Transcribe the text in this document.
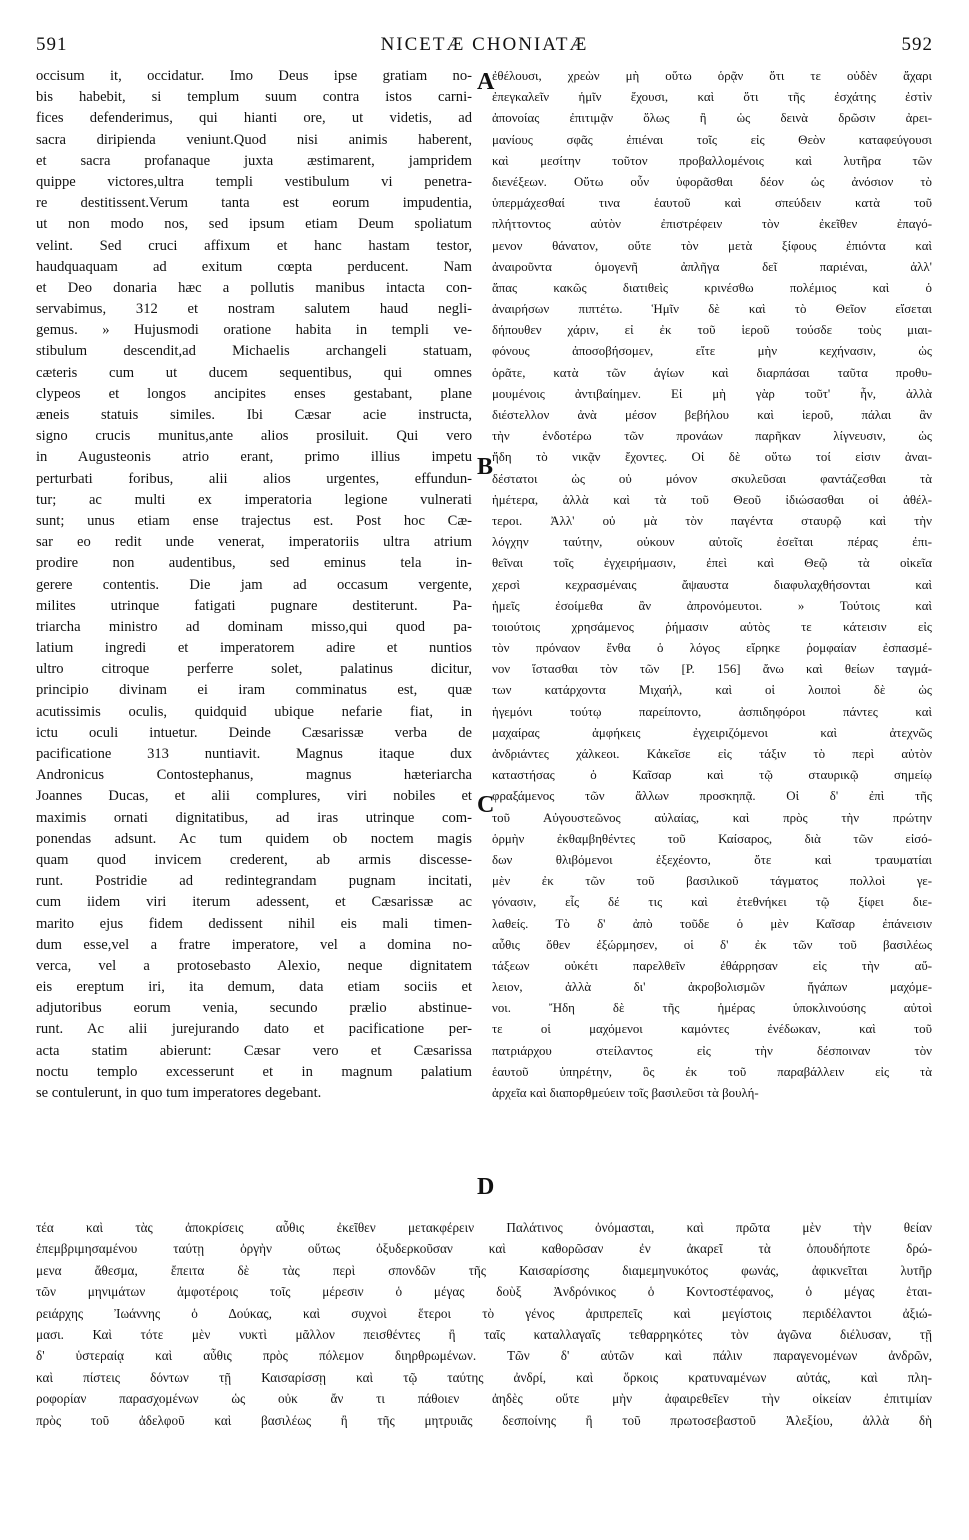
591	NICETÆ CHONIATÆ	592
occisum it, occidatur. Imo Deus ipse gratiam no-
bis habebit, si templum suum contra istos carni-
fices defenderimus, qui hianti ore, ut videtis, ad
sacra diripienda veniunt.Quod nisi animis haberent,
et sacra profanaque juxta æstimarent, jampridem
quippe victores,ultra templi vestibulum vi penetra-
re destitissent.Verum tanta est eorum impudentia,
ut non modo nos, sed ipsum etiam Deum spoliatum
velint. Sed cruci affixum et hanc hastam testor,
haudquaquam ad exitum cœpta perducent. Nam
et Deo donaria hæc a pollutis manibus intacta con-
servabimus, 312 et nostram salutem haud negli-
gemus. » Hujusmodi oratione habita in templi ve-
stibulum descendit,ad Michaelis archangeli statuam,
cæteris cum ut ducem sequentibus, qui omnes
clypeos et longos ancipites enses gestabant, plane
æneis statuis similes. Ibi Cæsar acie instructa,
signo crucis munitus,ante alios prosiluit. Qui vero
in Augusteonis atrio erant, primo illius impetu
perturbati foribus, alii alios urgentes, effundun-
tur; ac multi ex imperatoria legione vulnerati
sunt; unus etiam ense trajectus est. Post hoc Cæ-
sar eo redit unde venerat, imperatoriis ultra atrium
prodire non audentibus, sed eminus tela in-
gerere contentis. Die jam ad occasum vergente,
milites utrinque fatigati pugnare destiterunt. Pa-
triarcha ministro ad dominam misso,qui quod pa-
latium ingredi et imperatorem adire et nuntios
ultro citroque perferre solet, palatinus dicitur,
principio divinam ei iram comminatus est, quæ
acutissimis oculis, quidquid ubique nefarie fiat, in
ictu oculi intuetur. Deinde Cæsarissæ verba de
pacificatione 313 nuntiavit. Magnus itaque dux
Andronicus Contostephanus, magnus hæteriarcha
Joannes Ducas, et alii complures, viri nobiles et
maximis ornati dignitatibus, ad iras utrinque com-
ponendas adsunt. Ac tum quidem ob noctem magis
quam quod invicem crederent, ab armis discesse-
runt. Postridie ad redintegrandam pugnam incitati,
cum iidem viri iterum adessent, et Cæsarissæ ac
marito ejus fidem dedissent nihil eis mali timen-
dum esse,vel a fratre imperatore, vel a domina no-
verca, vel a protosebasto Alexio, neque dignitatem
eis ereptum iri, ita demum, data etiam sociis et
adjutoribus eorum venia, secundo prælio abstinue-
runt. Ac alii jurejurando dato et pacificatione per-
acta statim abierunt: Cæsar vero et Cæsarissa
noctu templo excesserunt et in magnum palatium
se contulerunt, in quo tum imperatores degebant.
ἐθέλουσι, χρεὼν μὴ οὕτω ὁρᾷν ὅτι τε οὐδὲν ἄχαρι
ἐπεγκαλεῖν ἡμῖν ἔχουσι, καὶ ὅτι τῆς ἐσχάτης ἐστὶν
ἀπονοίας ἐπιτιμᾷν ὅλως ἢ ὡς δεινὰ δρῶσιν ἀρει-
μανίους σφᾶς ἐπιέναι τοῖς εἰς Θεὸν καταφεύγουσι
καὶ μεσίτην τοῦτον προβαλλομένοις καὶ λυτῆρα τῶν
διενέξεων. Οὕτω οὖν ὑφορᾶσθαι δέον ὡς ἀνόσιον τὸ
ὑπερμάχεσθαί τινα ἑαυτοῦ καὶ σπεύδειν κατὰ τοῦ
πλήττοντος αὐτὸν ἐπιστρέφειν τὸν ἐκεῖθεν ἐπαγό-
μενον θάνατον, οὔτε τὸν μετὰ ξίφους ἐπιόντα καὶ
ἀναιροῦντα ὁμογενῆ ἀπλῆγα δεῖ παριέναι, ἀλλ'
ἅπας κακῶς διατιθεὶς κρινέσθω πολέμιος καὶ ὁ
ἀναιρήσων πιπτέτω. Ἡμῖν δὲ καὶ τὸ Θεῖον εἴσεται
δήπουθεν χάριν, εἰ ἐκ τοῦ ἱεροῦ τούσδε τοὺς μιαι-
φόνους ἀποσοβήσομεν, εἴτε μὴν κεχήνασιν, ὡς
ὁρᾶτε, κατὰ τῶν ἁγίων καὶ διαρπάσαι ταῦτα προθυ-
μουμένοις ἀντιβαίημεν. Εἰ μὴ γὰρ τοῦτ' ἦν, ἀλλὰ
διέστελλον ἀνὰ μέσον βεβήλου καὶ ἱεροῦ, πάλαι ἂν
τὴν ἐνδοτέρω τῶν προνάων παρῆκαν λίγνευσιν, ὡς
ἤδη τὸ νικᾷν ἔχοντες. Οἱ δὲ οὕτω τοί εἰσιν ἀναι-
δέστατοι ὡς οὐ μόνον σκυλεῦσαι φαντάζεσθαι τὰ
ἡμέτερα, ἀλλὰ καὶ τὰ τοῦ Θεοῦ ἰδιώσασθαι οἱ ἀθέλ-
τεροι. Ἀλλ' οὐ μὰ τὸν παγέντα σταυρῷ καὶ τὴν
λόγχην ταύτην, οὐκουν αὐτοῖς ἐσεῖται πέρας ἐπι-
θεῖναι τοῖς ἐγχειρήμασιν, ἐπεὶ καὶ Θεῷ τὰ οἰκεῖα
χερσὶ κεχρασμέναις ἄψαυστα διαφυλαχθήσονται καὶ
ἡμεῖς ἐσοίμεθα ἂν ἀπρονόμευτοι. » Τούτοις καὶ
τοιούτοις χρησάμενος ῥήμασιν αὐτὸς τε κάτεισιν εἰς
τὸν πρόναον ἔνθα ὁ λόγος εἴρηκε ῥομφαίαν ἐσπασμέ-
νον ἵστασθαι τὸν τῶν [P. 156] ἄνω καὶ θείων ταγμά-
των κατάρχοντα Μιχαήλ, καὶ οἱ λοιποὶ δὲ ὡς
ἡγεμόνι τούτῳ παρείποντο, ἀσπιδηφόροι πάντες καὶ
μαχαίρας ἀμφήκεις ἐγχειριζόμενοι καὶ ἀτεχνῶς
ἀνδριάντες χάλκεοι. Κἀκεῖσε εἰς τάξιν τὸ περὶ αὐτὸν
καταστήσας ὁ Καῖσαρ καὶ τῷ σταυρικῷ σημείῳ
φραξάμενος τῶν ἄλλων προσκηπᾷ. Οἱ δ' ἐπὶ τῆς
τοῦ Αὐγουστεῶνος αὐλαίας, καὶ πρὸς τὴν πρώτην
ὁρμὴν ἐκθαμβηθέντες τοῦ Καίσαρος, διὰ τῶν εἰσό-
δων θλιβόμενοι ἐξεχέοντο, ὅτε καὶ τραυματίαι
μὲν ἐκ τῶν τοῦ βασιλικοῦ τάγματος πολλοὶ γε-
γόνασιν, εἷς δέ τις καὶ ἐτεθνήκει τῷ ξίφει διε-
λαθείς. Τὸ δ' ἀπὸ τοῦδε ὁ μὲν Καῖσαρ ἐπάνεισιν
αὖθις ὅθεν ἐξώρμησεν, οἱ δ' ἐκ τῶν τοῦ βασιλέως
τάξεων οὐκέτι παρελθεῖν ἐθάρρησαν εἰς τὴν αὔ-
λειον, ἀλλὰ δι' ἀκροβολισμῶν ἤγάπων μαχόμε-
νοι. Ἤδη δὲ τῆς ἡμέρας ὑποκλινούσης αὐτοὶ
τε οἱ μαχόμενοι καμόντες ἐνέδωκαν, καὶ τοῦ
πατριάρχου στείλαντος εἰς τὴν δέσποιναν τὸν
ἑαυτοῦ ὑπηρέτην, ὃς ἐκ τοῦ παραβάλλειν εἰς τὰ
ἀρχεῖα καὶ διαπορθμεύειν τοῖς βασιλεῦσι τὰ βουλή-
A
B
C
D
τέα καὶ τὰς ἀποκρίσεις αὖθις ἐκεῖθεν μετακφέρειν Παλάτινος ὀνόμασται, καὶ πρῶτα μὲν τὴν θείαν
ἐπεμβριμησαμένου ταύτῃ ὀργὴν οὕτως ὀξυδερκοῦσαν καὶ καθορῶσαν ἐν ἀκαρεῖ τὰ ὁπουδήποτε δρώ-
μενα ἄθεσμα, ἔπειτα δὲ τὰς περὶ σπονδῶν τῆς Καισαρίσσης διαμεμηνυκότος φωνάς, ἀφικνεῖται λυτῆρ
τῶν μηνιμάτων ἀμφοτέροις τοῖς μέρεσιν ὁ μέγας δοὺξ Ἀνδρόνικος ὁ Κοντοστέφανος, ὁ μέγας ἑται-
ρειάρχης Ἰωάννης ὁ Δούκας, καὶ συχνοὶ ἕτεροι τὸ γένος ἀριπρεπεῖς καὶ μεγίστοις περιδέλαντοι ἀξιώ-
μασι. Καὶ τότε μὲν νυκτὶ μᾶλλον πεισθέντες ἢ ταῖς καταλλαγαῖς τεθαρρηκότες τὸν ἀγῶνα διέλυσαν, τῇ
δ' ὑστεραίᾳ καὶ αὖθις πρὸς πόλεμον διηρθρωμένων. Τῶν δ' αὐτῶν καὶ πάλιν παραγενομένων ἀνδρῶν,
καὶ πίστεις δόντων τῇ Καισαρίσσῃ καὶ τῷ ταύτης ἀνδρί, καὶ ὅρκοις κρατυναμένων αὐτάς, καὶ πλη-
ροφορίαν παρασχομένων ὡς οὐκ ἄν τι πάθοιεν ἀηδὲς οὔτε μὴν ἀφαιρεθεῖεν τὴν οἰκείαν ἐπιτιμίαν
πρὸς τοῦ ἀδελφοῦ καὶ βασιλέως ἢ τῆς μητρυιᾶς δεσποίνης ἢ τοῦ πρωτοσεβαστοῦ Ἀλεξίου, ἀλλὰ δὴ
